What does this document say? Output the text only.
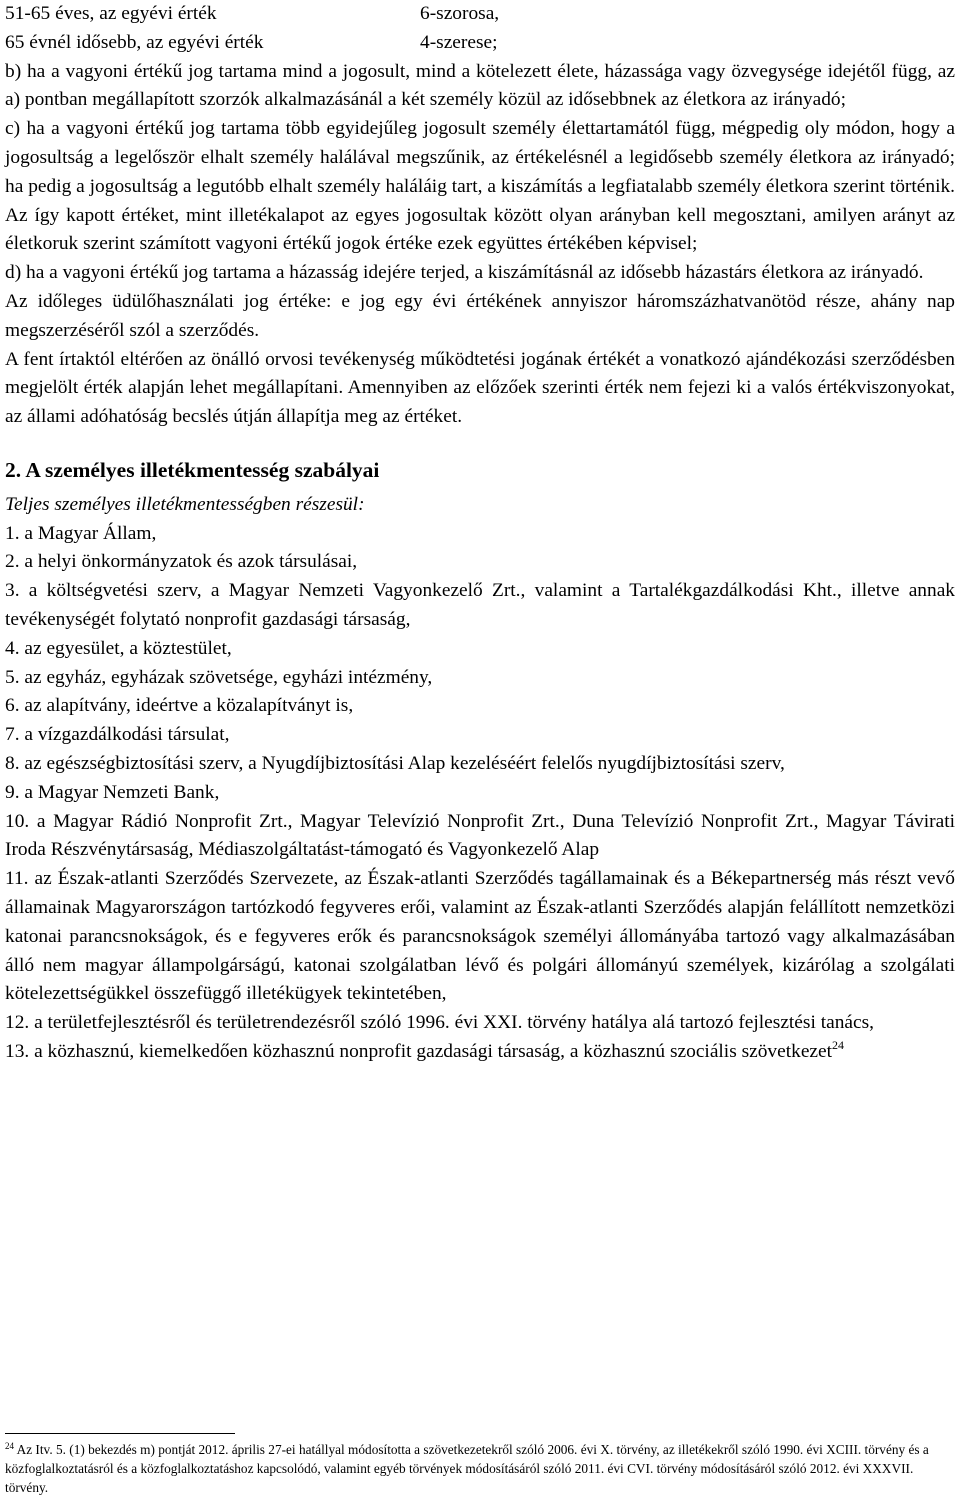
51-65 éves, az egyévi érték	6-szorosa,
65 évnél idősebb, az egyévi érték	4-szerese;

b) ha a vagyoni értékű jog tartama mind a jogosult, mind a kötelezett élete, házassága vagy özvegysége idejétől függ, az a) pontban megállapított szorzók alkalmazásánál a két személy közül az idősebbnek az életkora az irányadó;

c) ha a vagyoni értékű jog tartama több egyidejűleg jogosult személy élettartamától függ, mégpedig oly módon, hogy a jogosultság a legelőször elhalt személy halálával megszűnik, az értékelésnél a legidősebb személy életkora az irányadó; ha pedig a jogosultság a legutóbb elhalt személy haláláig tart, a kiszámítás a legfiatalabb személy életkora szerint történik. Az így kapott értéket, mint illetékalapot az egyes jogosultak között olyan arányban kell megosztani, amilyen arányt az életkoruk szerint számított vagyoni értékű jogok értéke ezek együttes értékében képvisel;

d) ha a vagyoni értékű jog tartama a házasság idejére terjed, a kiszámításnál az idősebb házastárs életkora az irányadó.

Az időleges üdülőhasználati jog értéke: e jog egy évi értékének annyiszor háromszázhatvanötöd része, ahány nap megszerzéséről szól a szerződés.

A fent írtaktól eltérően az önálló orvosi tevékenység működtetési jogának értékét a vonatkozó ajándékozási szerződésben megjelölt érték alapján lehet megállapítani. Amennyiben az előzőek szerinti érték nem fejezi ki a valós értékviszonyokat, az állami adóhatóság becslés útján állapítja meg az értéket.

2. A személyes illetékmentesség szabályai

Teljes személyes illetékmentességben részesül:

1. a Magyar Állam,
2. a helyi önkormányzatok és azok társulásai,
3. a költségvetési szerv, a Magyar Nemzeti Vagyonkezelő Zrt., valamint a Tartalékgazdálkodási Kht., illetve annak tevékenységét folytató nonprofit gazdasági társaság,
4. az egyesület, a köztestület,
5. az egyház, egyházak szövetsége, egyházi intézmény,
6. az alapítvány, ideértve a közalapítványt is,
7. a vízgazdálkodási társulat,
8. az egészségbiztosítási szerv, a Nyugdíjbiztosítási Alap kezeléséért felelős nyugdíjbiztosítási szerv,
9. a Magyar Nemzeti Bank,
10. a Magyar Rádió Nonprofit Zrt., Magyar Televízió Nonprofit Zrt., Duna Televízió Nonprofit Zrt., Magyar Távirati Iroda Részvénytársaság, Médiaszolgáltatást-támogató és Vagyonkezelő Alap
11. az Észak-atlanti Szerződés Szervezete, az Észak-atlanti Szerződés tagállamainak és a Békepartnerség más részt vevő államainak Magyarországon tartózkodó fegyveres erői, valamint az Észak-atlanti Szerződés alapján felállított nemzetközi katonai parancsnokságok, és e fegyveres erők és parancsnokságok személyi állományába tartozó vagy alkalmazásában álló nem magyar állampolgárságú, katonai szolgálatban lévő és polgári állományú személyek, kizárólag a szolgálati kötelezettségükkel összefüggő illetékügyek tekintetében,
12. a területfejlesztésről és területrendezésről szóló 1996. évi XXI. törvény hatálya alá tartozó fejlesztési tanács,
13. a közhasznú, kiemelkedően közhasznú nonprofit gazdasági társaság, a közhasznú szociális szövetkezet$^{24}$

$^{24}$ Az Itv. 5. (1) bekezdés m) pontját 2012. április 27-ei hatállyal módosította a szövetkezetekről szóló 2006. évi X. törvény, az illetékekről szóló 1990. évi XCIII. törvény és a közfoglalkoztatásról és a közfoglalkoztatáshoz kapcsolódó, valamint egyéb törvények módosításáról szóló 2011. évi CVI. törvény módosításáról szóló 2012. évi XXXVII. törvény.
